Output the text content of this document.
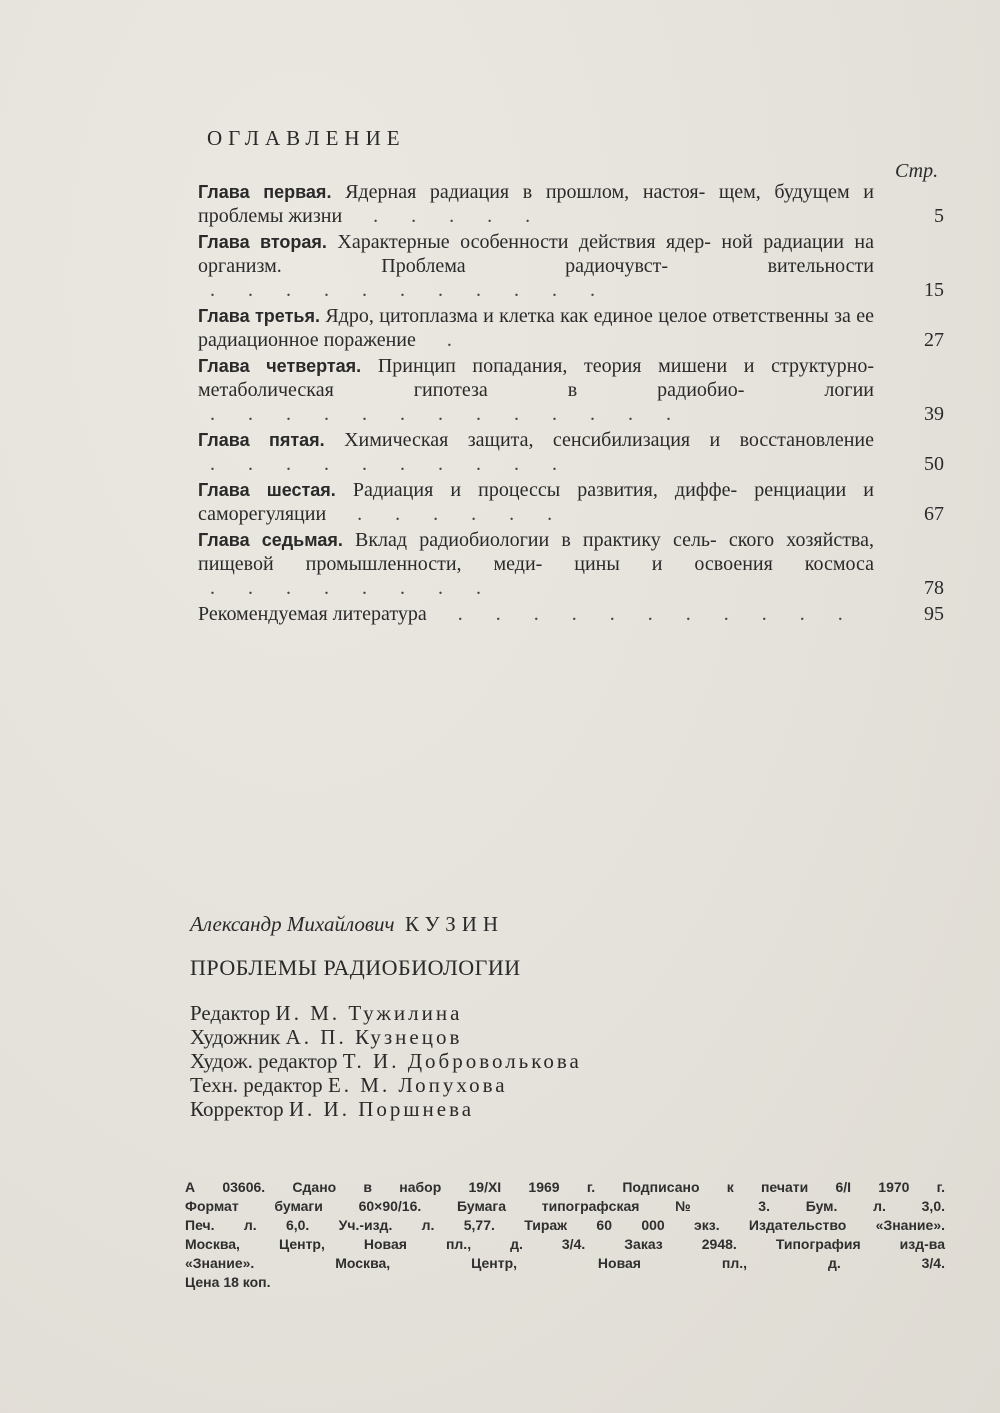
ОГЛАВЛЕНИЕ
Стр.
Глава первая. Ядерная радиация в прошлом, настоя- щем, будущем и проблемы жизни . . . . .	5
Глава вторая. Характерные особенности действия ядер- ной радиации на организм. Проблема радиочувст- вительности . . . . . . . . . . .	15
Глава третья. Ядро, цитоплазма и клетка как единое целое ответственны за ее радиационное поражение .	27
Глава четвертая. Принцип попадания, теория мишени и структурно-метаболическая гипотеза в радиобио- логии . . . . . . . . . . . . .	39
Глава пятая. Химическая защита, сенсибилизация и восстановление . . . . . . . . . .	50
Глава шестая. Радиация и процессы развития, диффе- ренциации и саморегуляции . . . . . .	67
Глава седьмая. Вклад радиобиологии в практику сель- ского хозяйства, пищевой промышленности, меди- цины и освоения космоса . . . . . . . .	78
Рекомендуемая литература . . . . . . . . . . .	95

Александр Михайлович КУЗИН

ПРОБЛЕМЫ РАДИОБИОЛОГИИ

Редактор И. М. Тужилина
Художник А. П. Кузнецов
Худож. редактор Т. И. Доброволькова
Техн. редактор Е. М. Лопухова
Корректор И. И. Поршнева
А 03606. Сдано в набор 19/XI 1969 г. Подписано к печати 6/I 1970 г.
Формат бумаги 60×90/16. Бумага типографская № 3. Бум. л. 3,0.
Печ. л. 6,0. Уч.-изд. л. 5,77. Тираж 60 000 экз. Издательство «Знание».
Москва, Центр, Новая пл., д. 3/4. Заказ 2948. Типография изд-ва
«Знание». Москва, Центр, Новая пл., д. 3/4.
Цена 18 коп.
